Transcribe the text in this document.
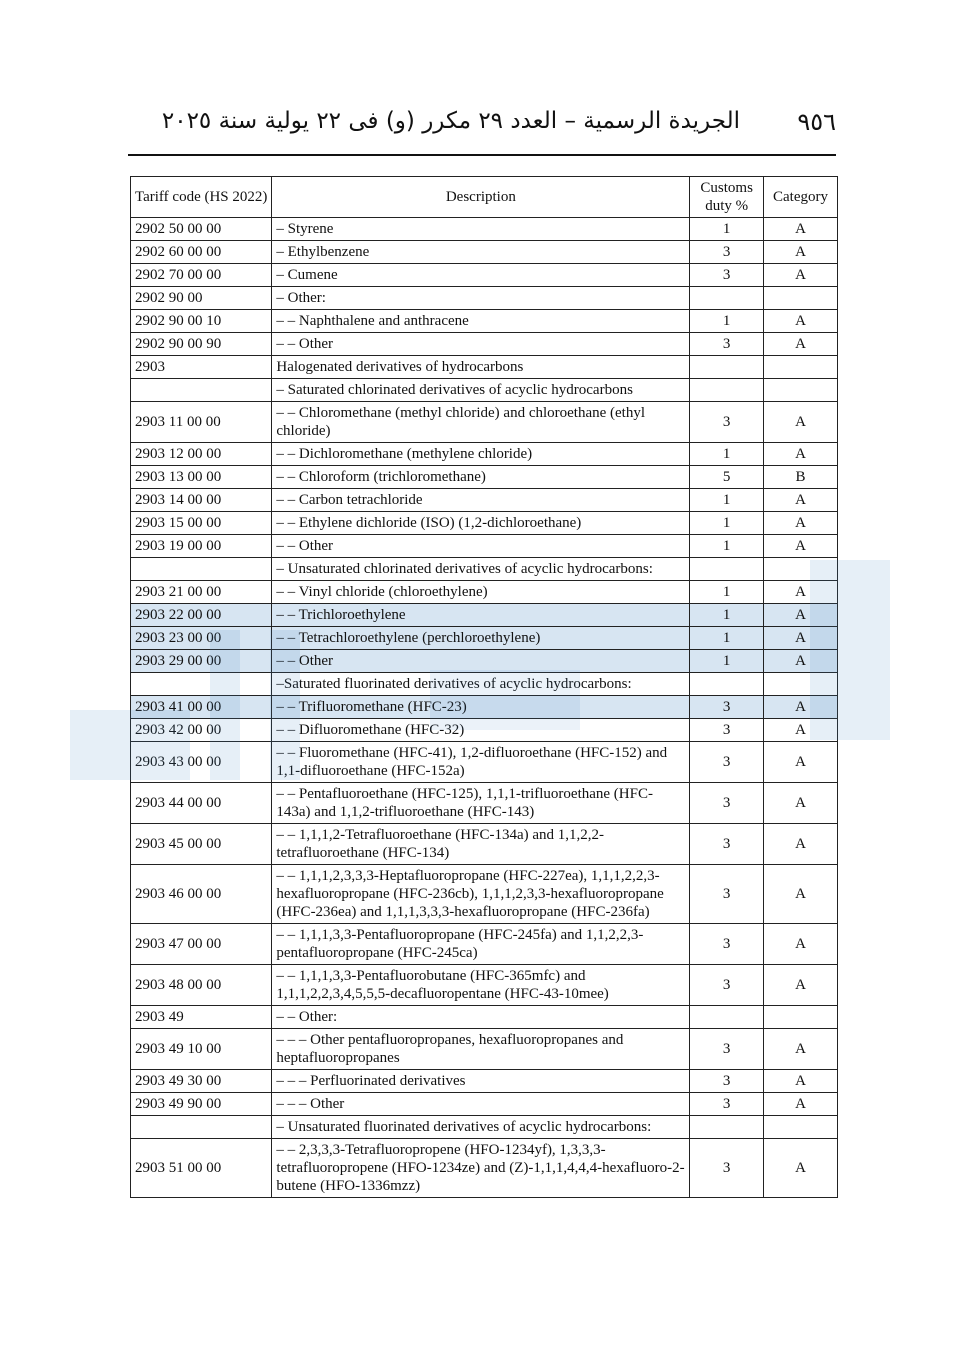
الجريدة الرسمية – العدد ٢٩ مكرر (و) فى ٢٢ يولية سنة ٢٠٢٥ ٩٥٦
Tariff code (HS 2022)	Description	Customs duty %	Category
2902 50 00 00	– Styrene	1	A
2902 60 00 00	– Ethylbenzene	3	A
2902 70 00 00	– Cumene	3	A
2902 90 00	– Other:		
2902 90 00 10	– – Naphthalene and anthracene	1	A
2902 90 00 90	– – Other	3	A
2903	Halogenated derivatives of hydrocarbons		
	– Saturated chlorinated derivatives of acyclic hydrocarbons		
2903 11 00 00	– – Chloromethane (methyl chloride) and chloroethane (ethyl chloride)	3	A
2903 12 00 00	– – Dichloromethane (methylene chloride)	1	A
2903 13 00 00	– – Chloroform (trichloromethane)	5	B
2903 14 00 00	– – Carbon tetrachloride	1	A
2903 15 00 00	– – Ethylene dichloride (ISO) (1,2-dichloroethane)	1	A
2903 19 00 00	– – Other	1	A
	– Unsaturated chlorinated derivatives of acyclic hydrocarbons:		
2903 21 00 00	– – Vinyl chloride (chloroethylene)	1	A
2903 22 00 00	– – Trichloroethylene	1	A
2903 23 00 00	– – Tetrachloroethylene (perchloroethylene)	1	A
2903 29 00 00	– – Other	1	A
	–Saturated fluorinated derivatives of acyclic hydrocarbons:		
2903 41 00 00	– – Trifluoromethane (HFC-23)	3	A
2903 42 00 00	– – Difluoromethane (HFC-32)	3	A
2903 43 00 00	– – Fluoromethane (HFC-41), 1,2-difluoroethane (HFC-152) and 1,1-difluoroethane (HFC-152a)	3	A
2903 44 00 00	– – Pentafluoroethane (HFC-125), 1,1,1-trifluoroethane (HFC-143a) and 1,1,2-trifluoroethane (HFC-143)	3	A
2903 45 00 00	– – 1,1,1,2-Tetrafluoroethane (HFC-134a) and 1,1,2,2-tetrafluoroethane (HFC-134)	3	A
2903 46 00 00	– – 1,1,1,2,3,3,3-Heptafluoropropane (HFC-227ea), 1,1,1,2,2,3-hexafluoropropane (HFC-236cb), 1,1,1,2,3,3-hexafluoropropane (HFC-236ea) and 1,1,1,3,3,3-hexafluoropropane (HFC-236fa)	3	A
2903 47 00 00	– – 1,1,1,3,3-Pentafluoropropane (HFC-245fa) and 1,1,2,2,3-pentafluoropropane (HFC-245ca)	3	A
2903 48 00 00	– – 1,1,1,3,3-Pentafluorobutane (HFC-365mfc) and 1,1,1,2,2,3,4,5,5,5-decafluoropentane (HFC-43-10mee)	3	A
2903 49	– – Other:		
2903 49 10 00	– – – Other pentafluoropropanes, hexafluoropropanes and heptafluoropropanes	3	A
2903 49 30 00	– – – Perfluorinated derivatives	3	A
2903 49 90 00	– – – Other	3	A
	– Unsaturated fluorinated derivatives of acyclic hydrocarbons:		
2903 51 00 00	– – 2,3,3,3-Tetrafluoropropene (HFO-1234yf), 1,3,3,3-tetrafluoropropene (HFO-1234ze) and (Z)-1,1,1,4,4,4-hexafluoro-2-butene (HFO-1336mzz)	3	A
